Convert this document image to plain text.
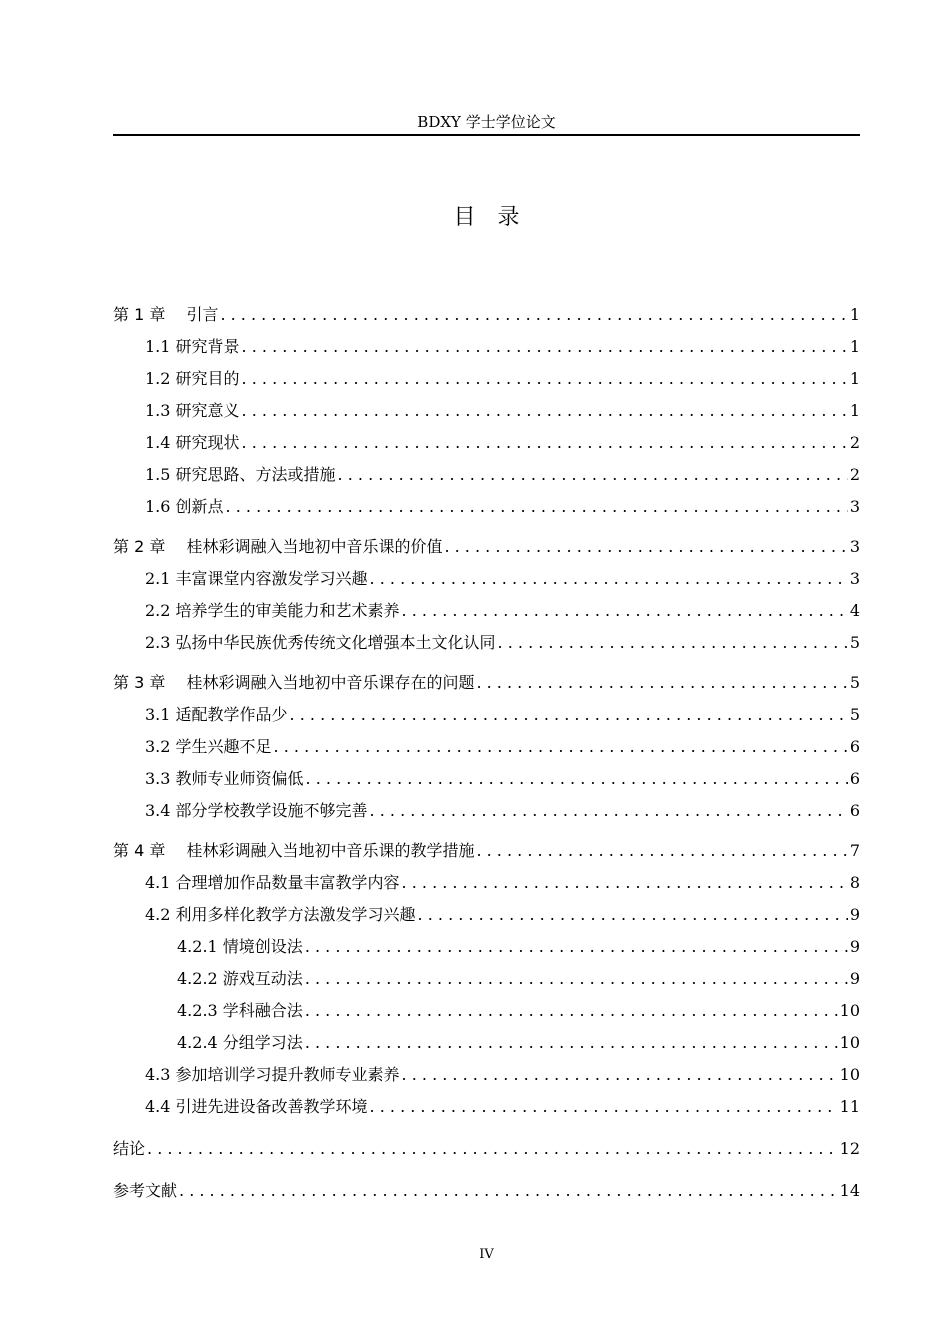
BDXY 学士学位论文
目　录
第 1 章　 引言 . . .	1
1.1 研究背景 . . .	1
1.2 研究目的 . . .	1
1.3 研究意义 . . .	1
1.4 研究现状 . . .	2
1.5 研究思路、方法或措施 . . .	2
1.6 创新点 . . .	3
第 2 章　 桂林彩调融入当地初中音乐课的价值 . . .	3
2.1 丰富课堂内容激发学习兴趣 . . .	3
2.2 培养学生的审美能力和艺术素养 . . .	4
2.3 弘扬中华民族优秀传统文化增强本土文化认同 . . .	5
第 3 章　 桂林彩调融入当地初中音乐课存在的问题 . . .	5
3.1 适配教学作品少 . . .	5
3.2 学生兴趣不足 . . .	6
3.3 教师专业师资偏低 . . .	6
3.4 部分学校教学设施不够完善 . . .	6
第 4 章　 桂林彩调融入当地初中音乐课的教学措施 . . .	7
4.1 合理增加作品数量丰富教学内容 . . .	8
4.2 利用多样化教学方法激发学习兴趣 . . .	9
4.2.1 情境创设法 . . .	9
4.2.2 游戏互动法 . . .	9
4.2.3 学科融合法 . . .	10
4.2.4 分组学习法 . . .	10
4.3 参加培训学习提升教师专业素养 . . .	10
4.4 引进先进设备改善教学环境 . . .	11
结论 . . .	12
参考文献 . . .	14
IV
